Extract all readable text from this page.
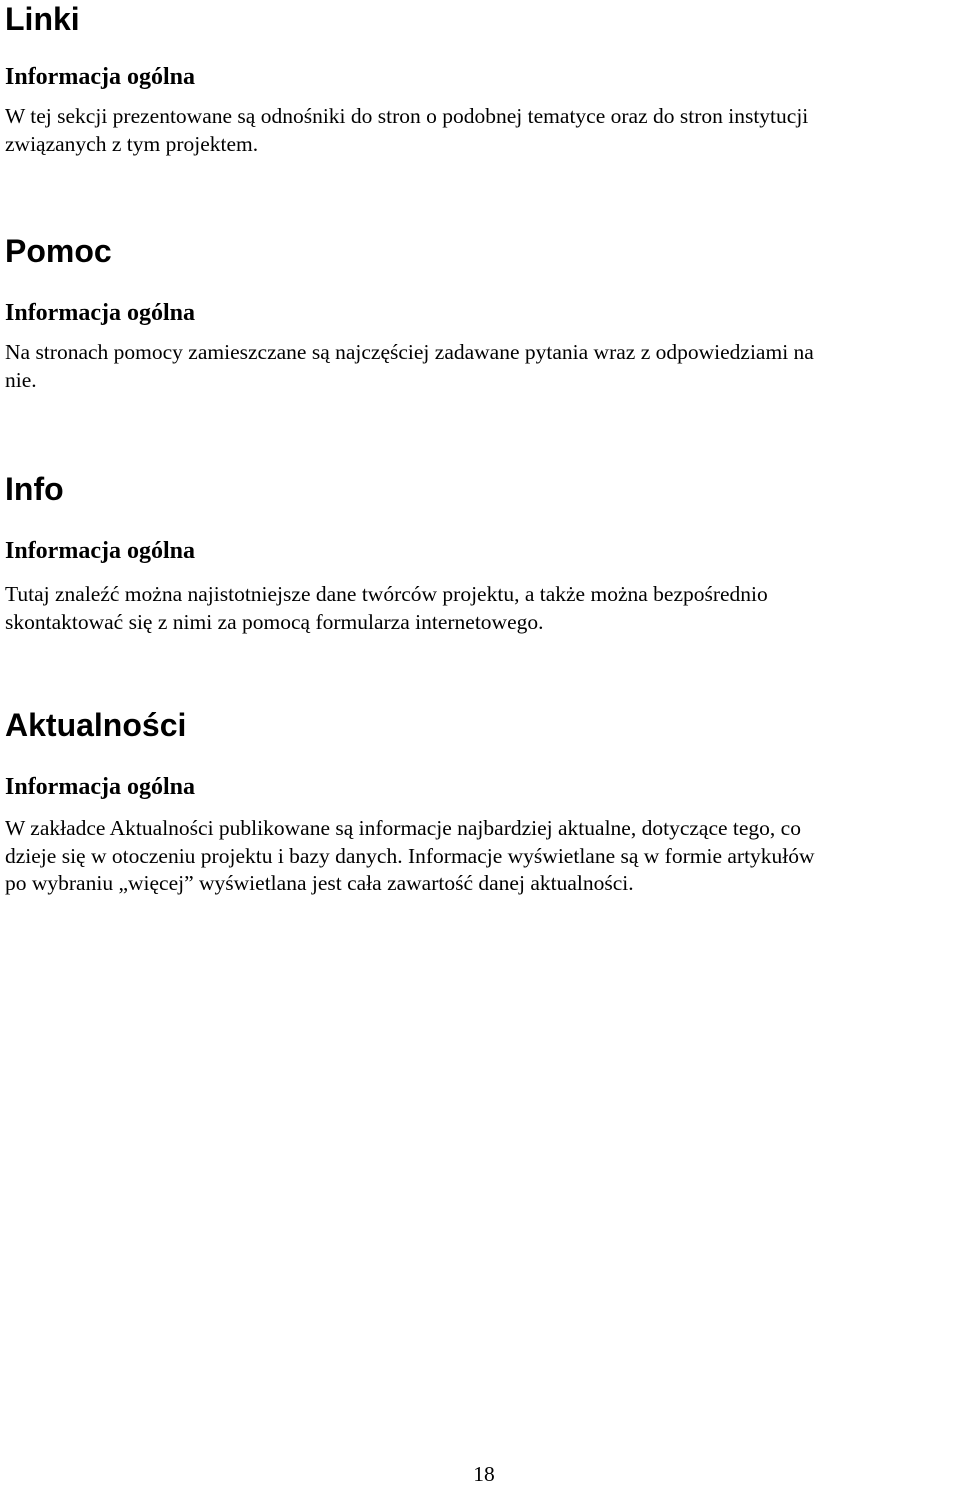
Linki
Informacja ogólna

W tej sekcji prezentowane są odnośniki do stron o podobnej tematyce oraz do stron instytucji
związanych z tym projektem.

Pomoc
Informacja ogólna

Na stronach pomocy zamieszczane są najczęściej zadawane pytania wraz z odpowiedziami na
nie.

Info
Informacja ogólna

Tutaj znaleźć można najistotniejsze dane twórców projektu, a także można bezpośrednio
skontaktować się z nimi za pomocą formularza internetowego.

Aktualności
Informacja ogólna

W zakładce Aktualności publikowane są informacje najbardziej aktualne, dotyczące tego, co
dzieje się w otoczeniu projektu i bazy danych. Informacje wyświetlane są w formie artykułów
po wybraniu „więcej” wyświetlana jest cała zawartość danej aktualności.

18
